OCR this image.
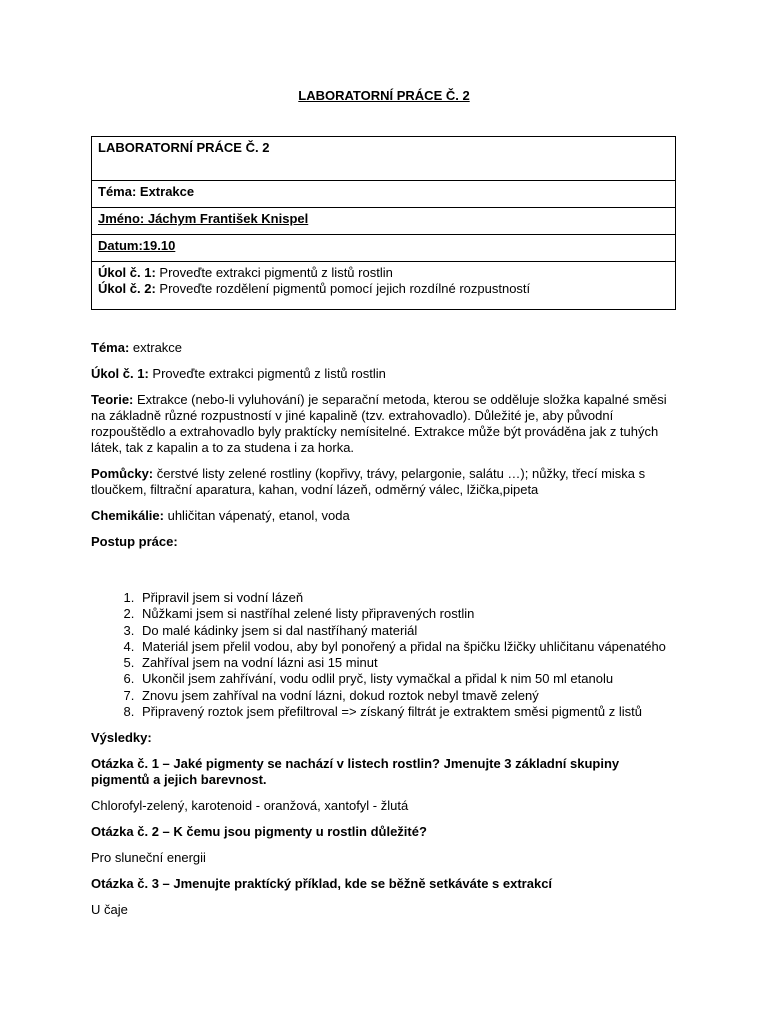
LABORATORNÍ PRÁCE Č. 2
LABORATORNÍ PRÁCE Č. 2
Téma: Extrakce
Jméno: Jáchym František Knispel
Datum:19.10

Úkol č. 1: Proveďte extrakci pigmentů z listů rostlin
Úkol č. 2: Proveďte rozdělení pigmentů pomocí jejich rozdílné rozpustností

Téma: extrakce

Úkol č. 1: Proveďte extrakci pigmentů z listů rostlin

Teorie: Extrakce (nebo-li vyluhování) je separační metoda, kterou se odděluje složka kapalné směsi na základně různé rozpustností v jiné kapalině (tzv. extrahovadlo). Důležité je, aby původní rozpouštědlo a extrahovadlo byly praktícky nemísitelné. Extrakce může být prováděna jak z tuhých látek, tak z kapalin a to za studena i za horka.

Pomůcky: čerstvé listy zelené rostliny (kopřivy, trávy, pelargonie, salátu …); nůžky, třecí miska s tloučkem, filtrační aparatura, kahan, vodní lázeň, odměrný válec, lžička,pipeta

Chemikálie: uhličitan vápenatý, etanol, voda

Postup práce:

1. Připravil jsem si vodní lázeň
2. Nůžkami jsem si nastříhal zelené listy připravených rostlin
3. Do malé kádinky jsem si dal nastříhaný materiál
4. Materiál jsem přelil vodou, aby byl ponořený a přidal na špičku lžičky uhličitanu vápenatého
5. Zahříval jsem na vodní lázni asi 15 minut
6. Ukončil jsem zahřívání, vodu odlil pryč, listy vymačkal a přidal k nim 50 ml etanolu
7. Znovu jsem zahříval na vodní lázni, dokud roztok nebyl tmavě zelený
8. Připravený roztok jsem přefiltroval => získaný filtrát je extraktem směsi pigmentů z listů

Výsledky:

Otázka č. 1 – Jaké pigmenty se nachází v listech rostlin? Jmenujte 3 základní skupiny pigmentů a jejich barevnost.

Chlorofyl-zelený, karotenoid - oranžová, xantofyl - žlutá

Otázka č. 2 – K čemu jsou pigmenty u rostlin důležité?

Pro sluneční energii

Otázka č. 3 – Jmenujte praktícký příklad, kde se běžně setkáváte s extrakcí

U čaje
